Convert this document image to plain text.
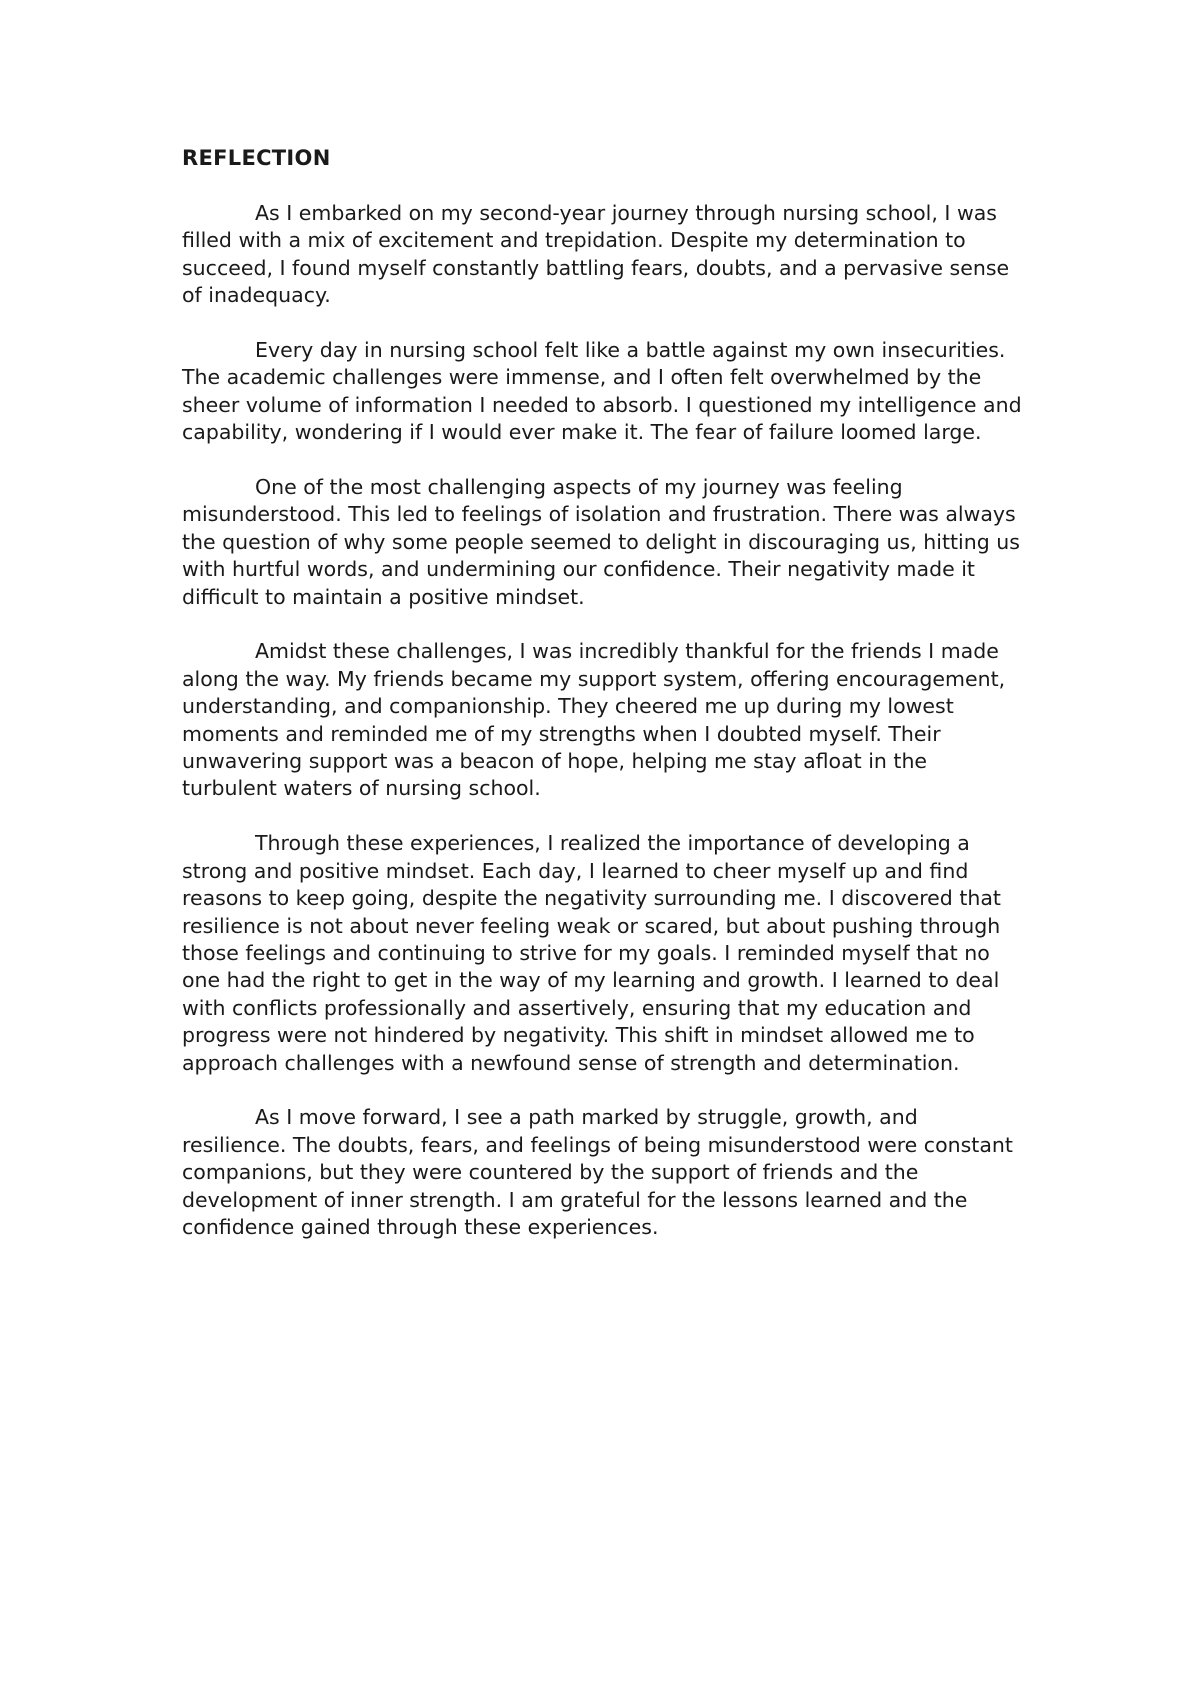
REFLECTION

As I embarked on my second-year journey through nursing school, I was filled with a mix of excitement and trepidation. Despite my determination to succeed, I found myself constantly battling fears, doubts, and a pervasive sense of inadequacy.

Every day in nursing school felt like a battle against my own insecurities. The academic challenges were immense, and I often felt overwhelmed by the sheer volume of information I needed to absorb. I questioned my intelligence and capability, wondering if I would ever make it. The fear of failure loomed large.

One of the most challenging aspects of my journey was feeling misunderstood. This led to feelings of isolation and frustration. There was always the question of why some people seemed to delight in discouraging us, hitting us with hurtful words, and undermining our confidence. Their negativity made it difficult to maintain a positive mindset.

Amidst these challenges, I was incredibly thankful for the friends I made along the way. My friends became my support system, offering encouragement, understanding, and companionship. They cheered me up during my lowest moments and reminded me of my strengths when I doubted myself. Their unwavering support was a beacon of hope, helping me stay afloat in the turbulent waters of nursing school.

Through these experiences, I realized the importance of developing a strong and positive mindset. Each day, I learned to cheer myself up and find reasons to keep going, despite the negativity surrounding me. I discovered that resilience is not about never feeling weak or scared, but about pushing through those feelings and continuing to strive for my goals. I reminded myself that no one had the right to get in the way of my learning and growth. I learned to deal with conflicts professionally and assertively, ensuring that my education and progress were not hindered by negativity. This shift in mindset allowed me to approach challenges with a newfound sense of strength and determination.

As I move forward, I see a path marked by struggle, growth, and resilience. The doubts, fears, and feelings of being misunderstood were constant companions, but they were countered by the support of friends and the development of inner strength. I am grateful for the lessons learned and the confidence gained through these experiences.
